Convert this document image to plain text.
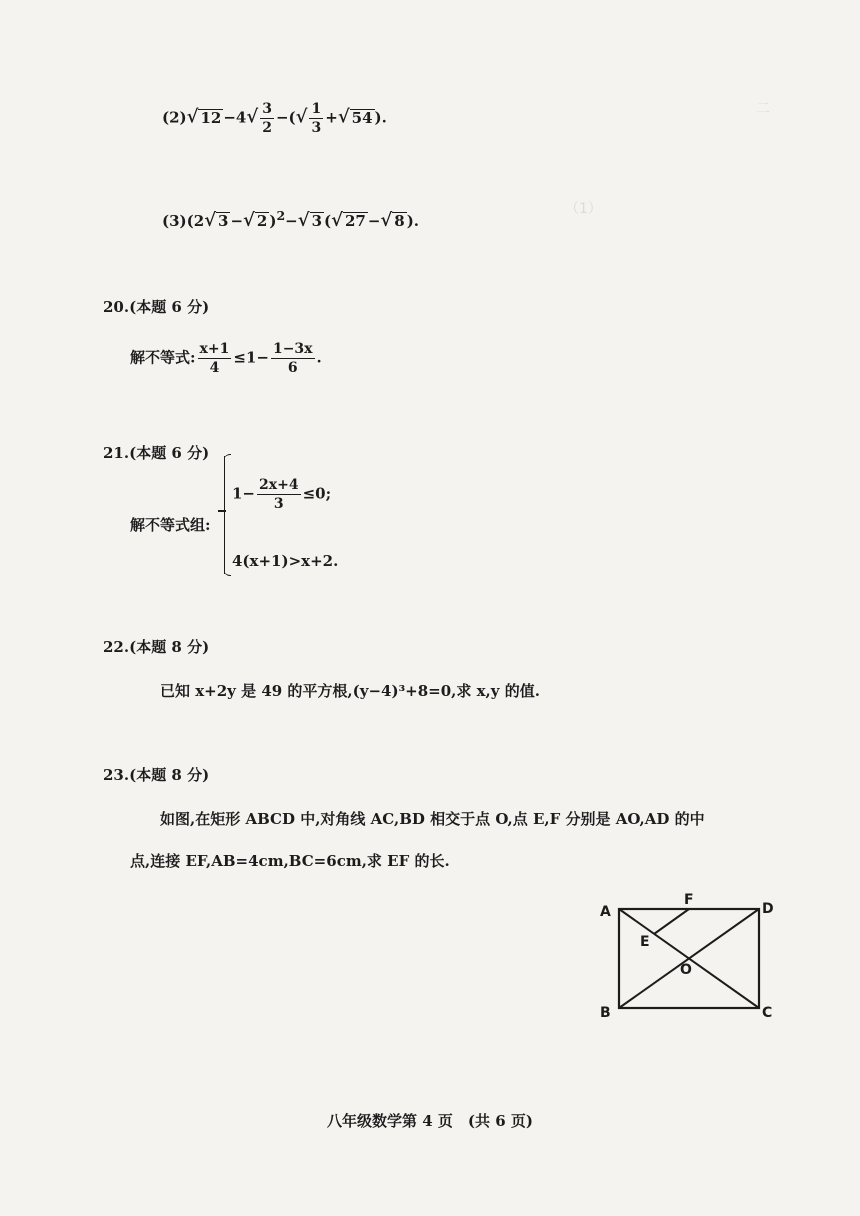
二
（1）
(2)√ $12 -4√ \frac{3}{2}$ −(√ $\frac{1}{3}$ +√ 54 ).
(3)(2√ 3 −√ 2 )$^2$−√ 3 (√ 27 −√ 8 ).
20.(本题 6 分)
解不等式: $\frac{x+1}{4} \le 1- \frac{1-3x}{6}$ .
21.(本题 6 分)
解不等式组:
$1- \frac{2x+4}{3} \le 0$;
4(x+1)>x+2.
22.(本题 8 分)
已知 x+2y 是 49 的平方根,(y−4)³+8=0,求 x,y 的值.
23.(本题 8 分)
如图,在矩形 ABCD 中,对角线 AC,BD 相交于点 O,点 E,F 分别是 AO,AD 的中
点,连接 EF,AB=4cm,BC=6cm,求 EF 的长.
A
B	C
D
E
F
O
八年级数学第 4 页　(共 6 页)
